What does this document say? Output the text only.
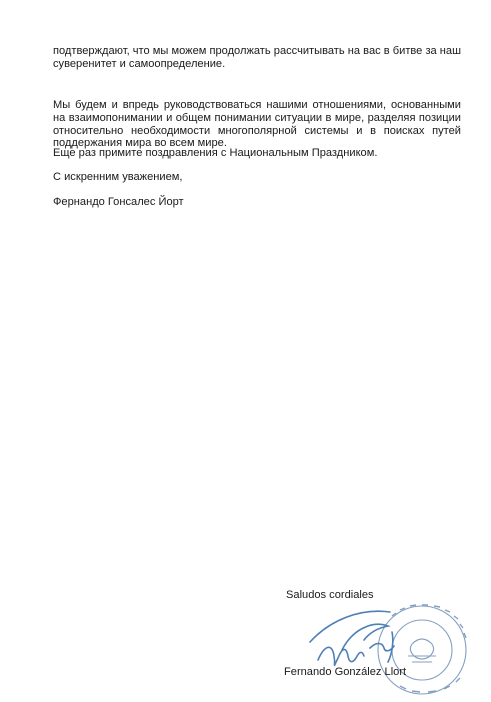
подтверждают, что мы можем продолжать рассчитывать на вас в битве за наш суверенитет и самоопределение.
Мы будем и впредь руководствоваться нашими отношениями, основанными на взаимопонимании и общем понимании ситуации в мире, разделяя позиции относительно необходимости многополярной системы и в поисках путей поддержания мира во всем мире.
Еще раз примите поздравления с Национальным Праздником.
С искренним уважением,
Фернандо Гонсалес Йорт
Saludos cordiales
Fernando González Llort
